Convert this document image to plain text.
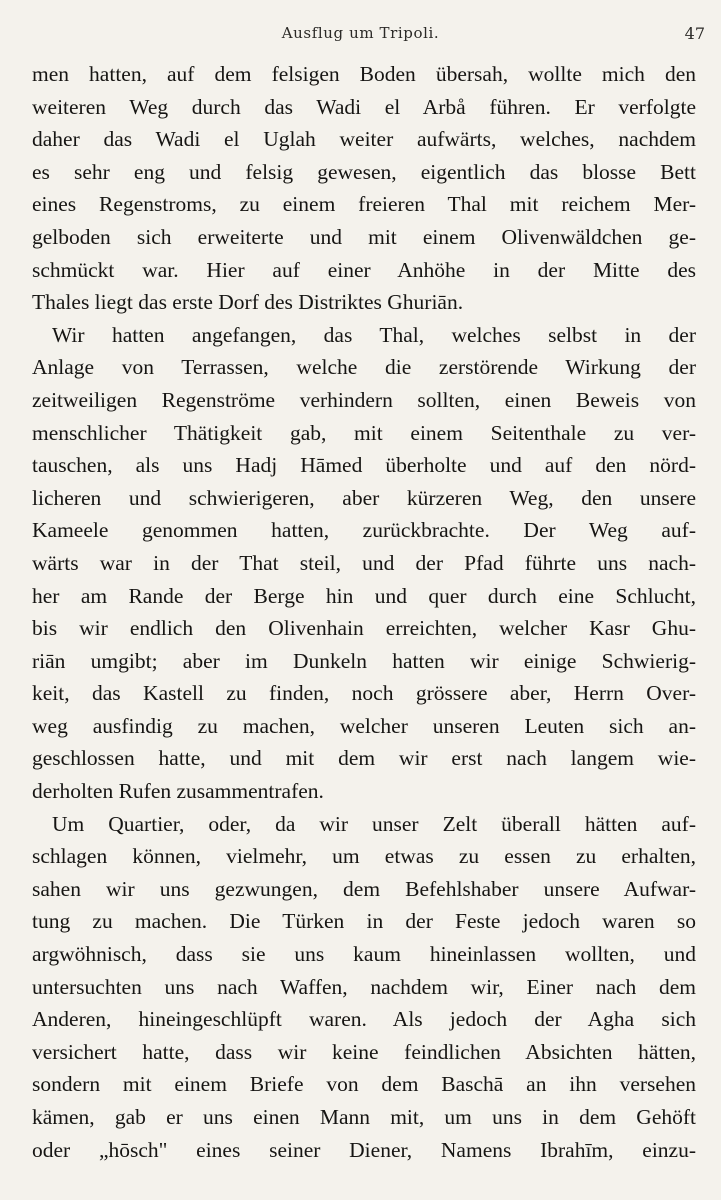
Ausflug um Tripoli.	47
men hatten, auf dem felsigen Boden übersah, wollte mich den
weiteren Weg durch das Wadi el Arbå führen. Er verfolgte
daher das Wadi el Uglah weiter aufwärts, welches, nachdem
es sehr eng und felsig gewesen, eigentlich das blosse Bett
eines Regenstroms, zu einem freieren Thal mit reichem Mer-
gelboden sich erweiterte und mit einem Olivenwäldchen ge-
schmückt war. Hier auf einer Anhöhe in der Mitte des
Thales liegt das erste Dorf des Distriktes Ghuriān.
Wir hatten angefangen, das Thal, welches selbst in der
Anlage von Terrassen, welche die zerstörende Wirkung der
zeitweiligen Regenströme verhindern sollten, einen Beweis von
menschlicher Thätigkeit gab, mit einem Seitenthale zu ver-
tauschen, als uns Hadj Hāmed überholte und auf den nörd-
licheren und schwierigeren, aber kürzeren Weg, den unsere
Kameele genommen hatten, zurückbrachte. Der Weg auf-
wärts war in der That steil, und der Pfad führte uns nach-
her am Rande der Berge hin und quer durch eine Schlucht,
bis wir endlich den Olivenhain erreichten, welcher Kasr Ghu-
riān umgibt; aber im Dunkeln hatten wir einige Schwierig-
keit, das Kastell zu finden, noch grössere aber, Herrn Over-
weg ausfindig zu machen, welcher unseren Leuten sich an-
geschlossen hatte, und mit dem wir erst nach langem wie-
derholten Rufen zusammentrafen.
Um Quartier, oder, da wir unser Zelt überall hätten auf-
schlagen können, vielmehr, um etwas zu essen zu erhalten,
sahen wir uns gezwungen, dem Befehlshaber unsere Aufwar-
tung zu machen. Die Türken in der Feste jedoch waren so
argwöhnisch, dass sie uns kaum hineinlassen wollten, und
untersuchten uns nach Waffen, nachdem wir, Einer nach dem
Anderen, hineingeschlüpft waren. Als jedoch der Agha sich
versichert hatte, dass wir keine feindlichen Absichten hätten,
sondern mit einem Briefe von dem Baschā an ihn versehen
kämen, gab er uns einen Mann mit, um uns in dem Gehöft
oder „hōsch" eines seiner Diener, Namens Ibrahīm, einzu-
